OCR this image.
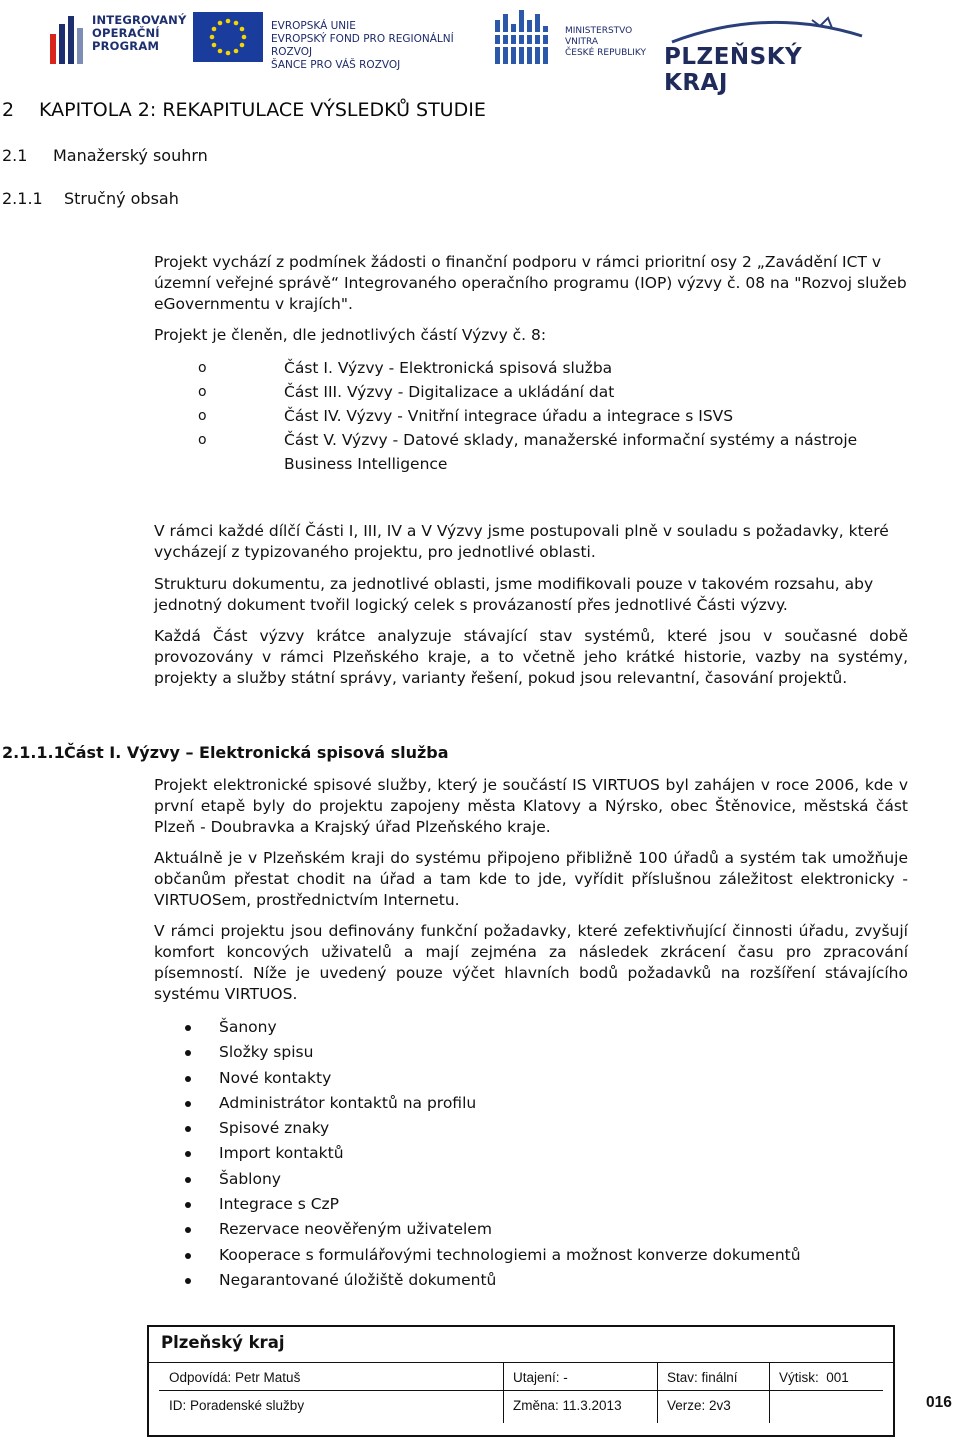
INTEGROVANÝ
OPERAČNÍ
PROGRAM
EVROPSKÁ UNIE
EVROPSKÝ FOND PRO REGIONÁLNÍ ROZVOJ
ŠANCE PRO VÁŠ ROZVOJ
MINISTERSTVO VNITRA
ČESKÉ REPUBLIKY PLZEŇSKÝ KRAJ
2 KAPITOLA 2: REKAPITULACE VÝSLEDKŮ STUDIE
2.1 Manažerský souhrn
2.1.1 Stručný obsah
Projekt vychází z podmínek žádosti o finanční podporu v rámci prioritní osy 2 „Zavádění ICT v územní veřejné správě“ Integrovaného operačního programu (IOP) výzvy č. 08 na "Rozvoj služeb eGovernmentu v krajích".
Projekt je členěn, dle jednotlivých částí Výzvy č. 8:
o	Část I. Výzvy - Elektronická spisová služba
o	Část III. Výzvy - Digitalizace a ukládání dat
o	Část IV. Výzvy - Vnitřní integrace úřadu a integrace s ISVS
o	Část V. Výzvy - Datové sklady, manažerské informační systémy a nástroje Business Intelligence
V rámci každé dílčí Části I, III, IV a V Výzvy jsme postupovali plně v souladu s požadavky, které vycházejí z typizovaného projektu, pro jednotlivé oblasti.
Strukturu dokumentu, za jednotlivé oblasti, jsme modifikovali pouze v takovém rozsahu, aby jednotný dokument tvořil logický celek s provázaností přes jednotlivé Části výzvy.
Každá Část výzvy krátce analyzuje stávající stav systémů, které jsou v současné době provozovány v rámci Plzeňského kraje, a to včetně jeho krátké historie, vazby na systémy, projekty a služby státní správy, varianty řešení, pokud jsou relevantní, časování projektů.
2.1.1.1Část I. Výzvy – Elektronická spisová služba
Projekt elektronické spisové služby, který je součástí IS VIRTUOS byl zahájen v roce 2006, kde v první etapě byly do projektu zapojeny města Klatovy a Nýrsko, obec Štěnovice, městská část Plzeň - Doubravka a Krajský úřad Plzeňského kraje.
Aktuálně je v Plzeňském kraji do systému připojeno přibližně 100 úřadů a systém tak umožňuje občanům přestat chodit na úřad a tam kde to jde, vyřídit příslušnou záležitost elektronicky - VIRTUOSem, prostřednictvím Internetu.
V rámci projektu jsou definovány funkční požadavky, které zefektivňující činnosti úřadu, zvyšují komfort koncových uživatelů a mají zejména za následek zkrácení času pro zpracování písemností. Níže je uvedený pouze výčet hlavních bodů požadavků na rozšíření stávajícího systému VIRTUOS.
Šanony
Složky spisu
Nové kontakty
Administrátor kontaktů na profilu
Spisové znaky
Import kontaktů
Šablony
Integrace s CzP
Rezervace neověřeným uživatelem
Kooperace s formulářovými technologiemi a možnost konverze dokumentů
Negarantované úložiště dokumentů
Plzeňský kraj
Odpovídá: Petr Matuš	Utajení: -	Stav: finální	Výtisk:  001
ID: Poradenské služby	Změna: 11.3.2013	Verze: 2v3	016
